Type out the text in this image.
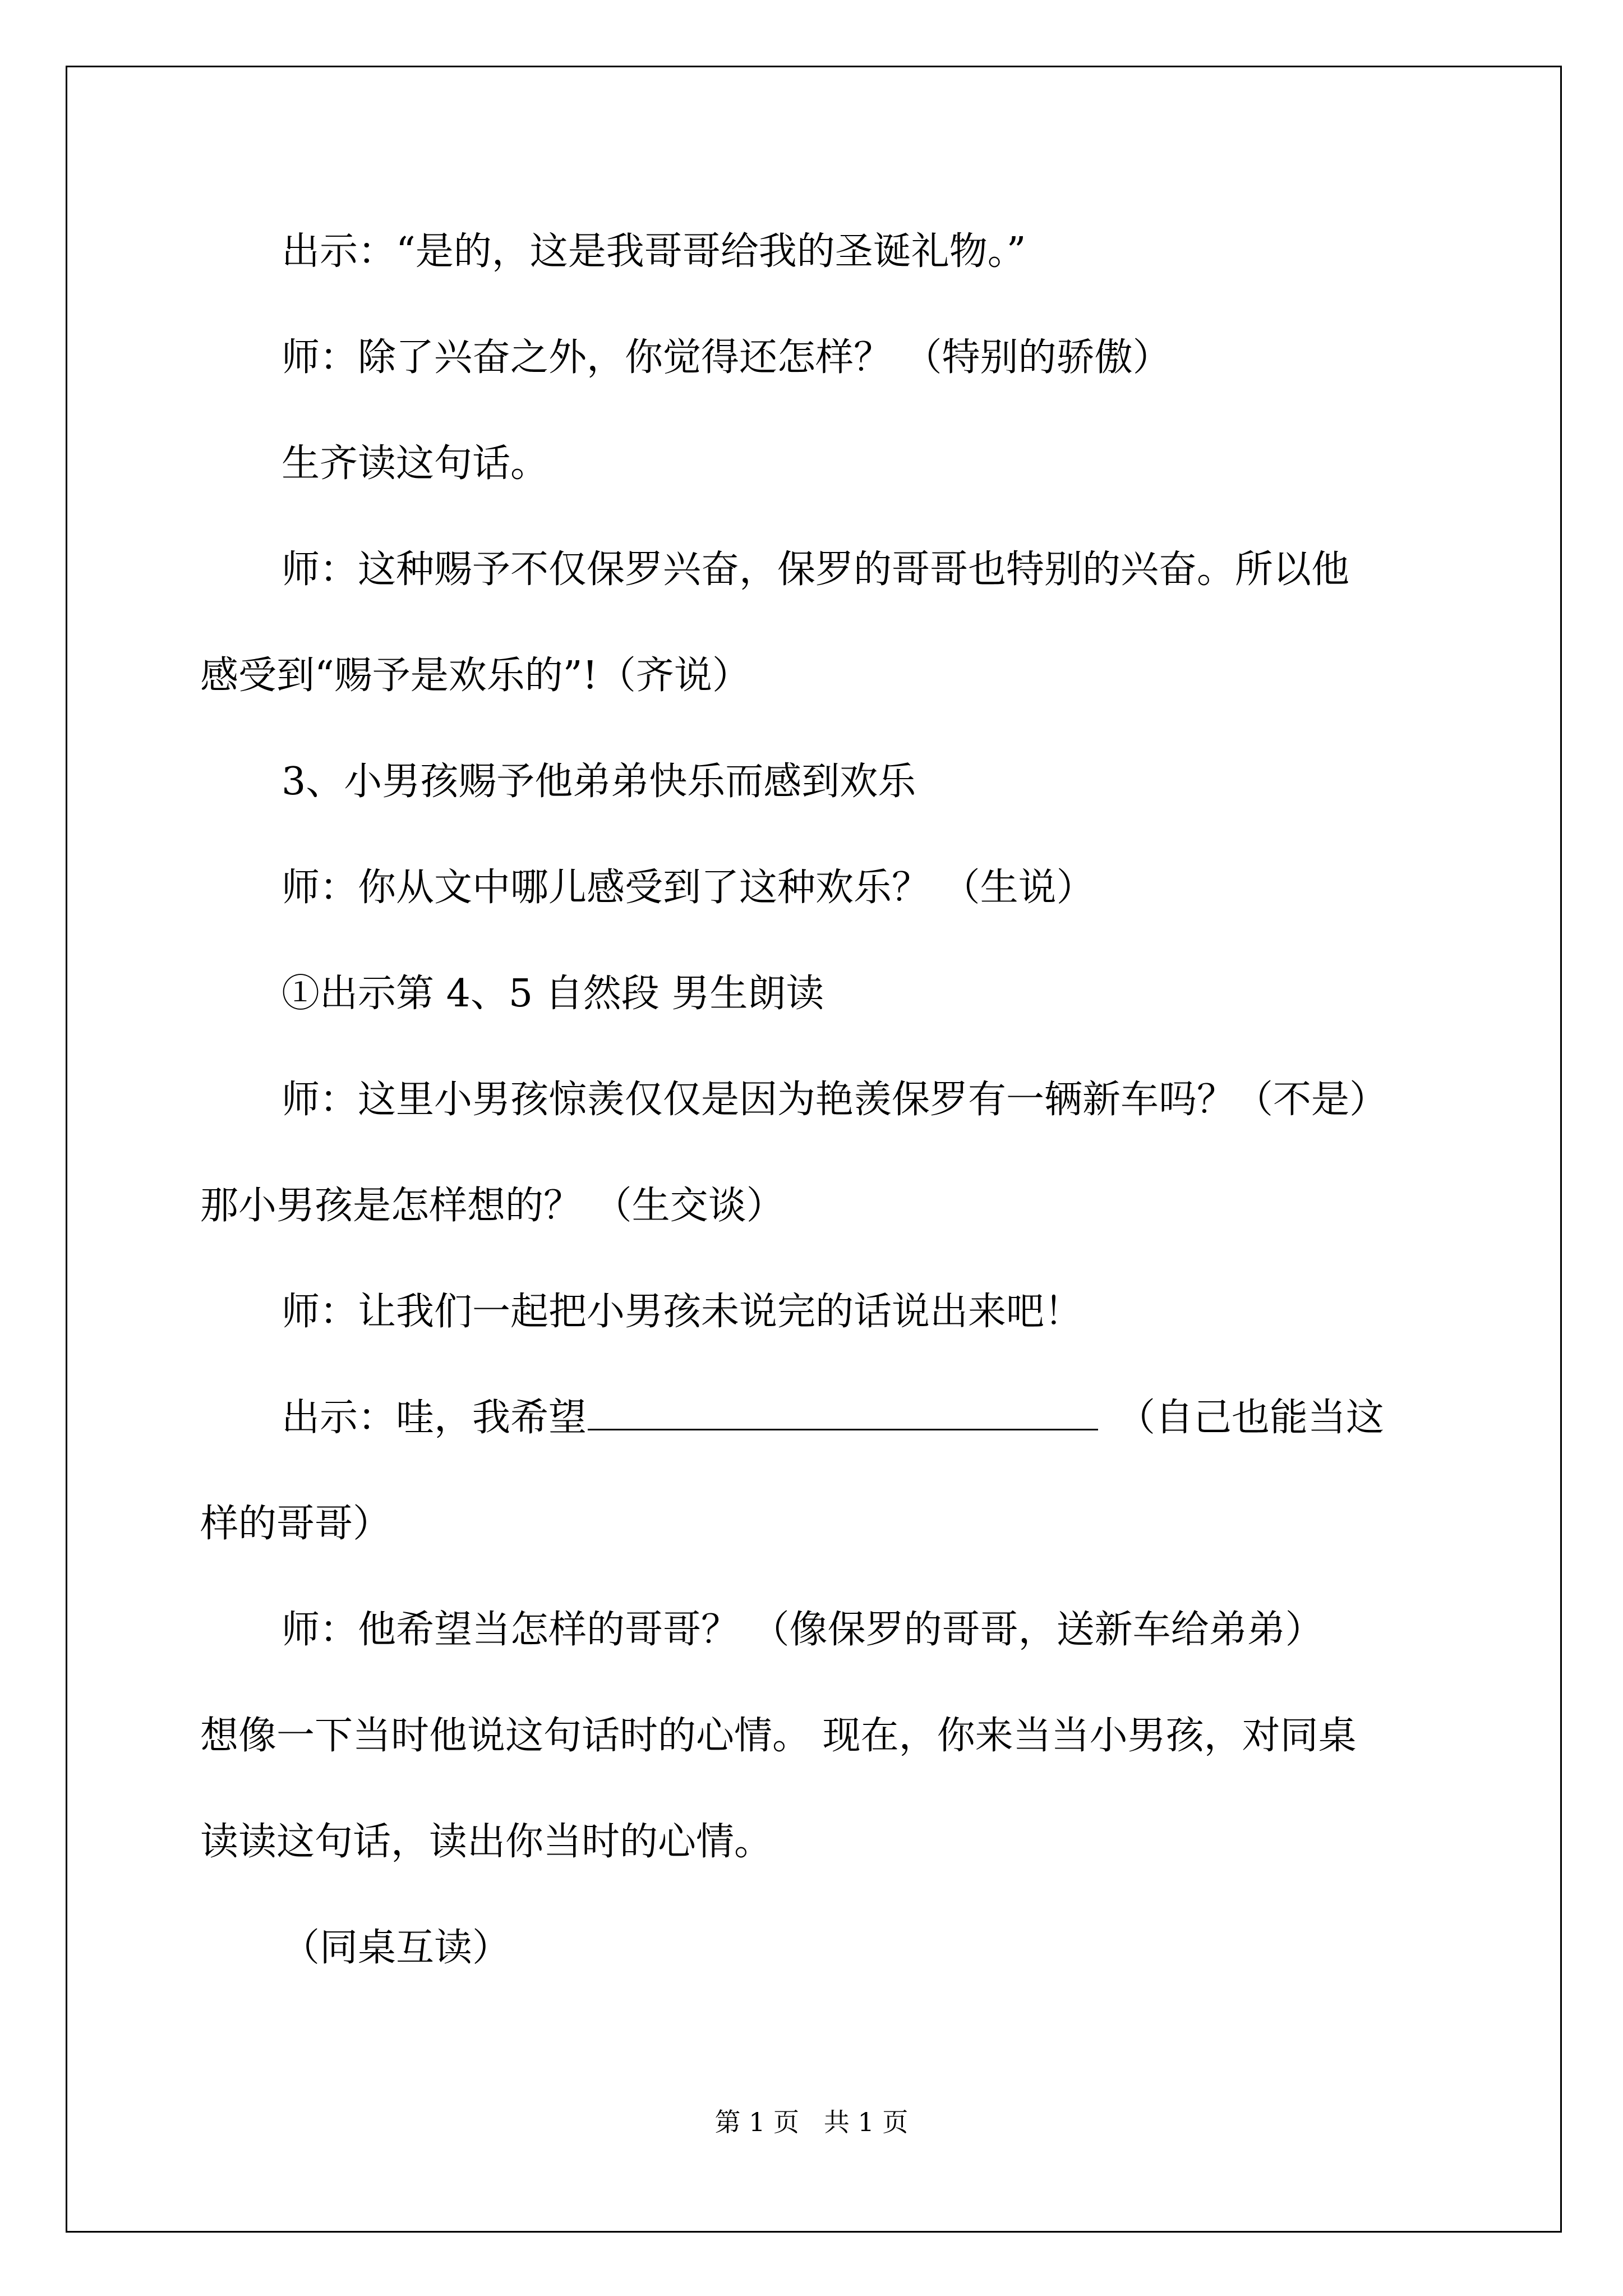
出示：“是的，这是我哥哥给我的圣诞礼物。”

师：除了兴奋之外，你觉得还怎样？ （特别的骄傲）

生齐读这句话。

师：这种赐予不仅保罗兴奋，保罗的哥哥也特别的兴奋。所以他

感受到“赐予是欢乐的”!（齐说）

3、小男孩赐予他弟弟快乐而感到欢乐

师：你从文中哪儿感受到了这种欢乐？ （生说）

①出示第 4、5 自然段 男生朗读

师：这里小男孩惊羡仅仅是因为艳羡保罗有一辆新车吗？（不是）

那小男孩是怎样想的？ （生交谈）

师：让我们一起把小男孩未说完的话说出来吧！

出示：哇，我希望	（自己也能当这

样的哥哥）

师：他希望当怎样的哥哥？ （像保罗的哥哥，送新车给弟弟）

想像一下当时他说这句话时的心情。 现在，你来当当小男孩，对同桌

读读这句话，读出你当时的心情。

（同桌互读）

第 1 页   共 1 页
